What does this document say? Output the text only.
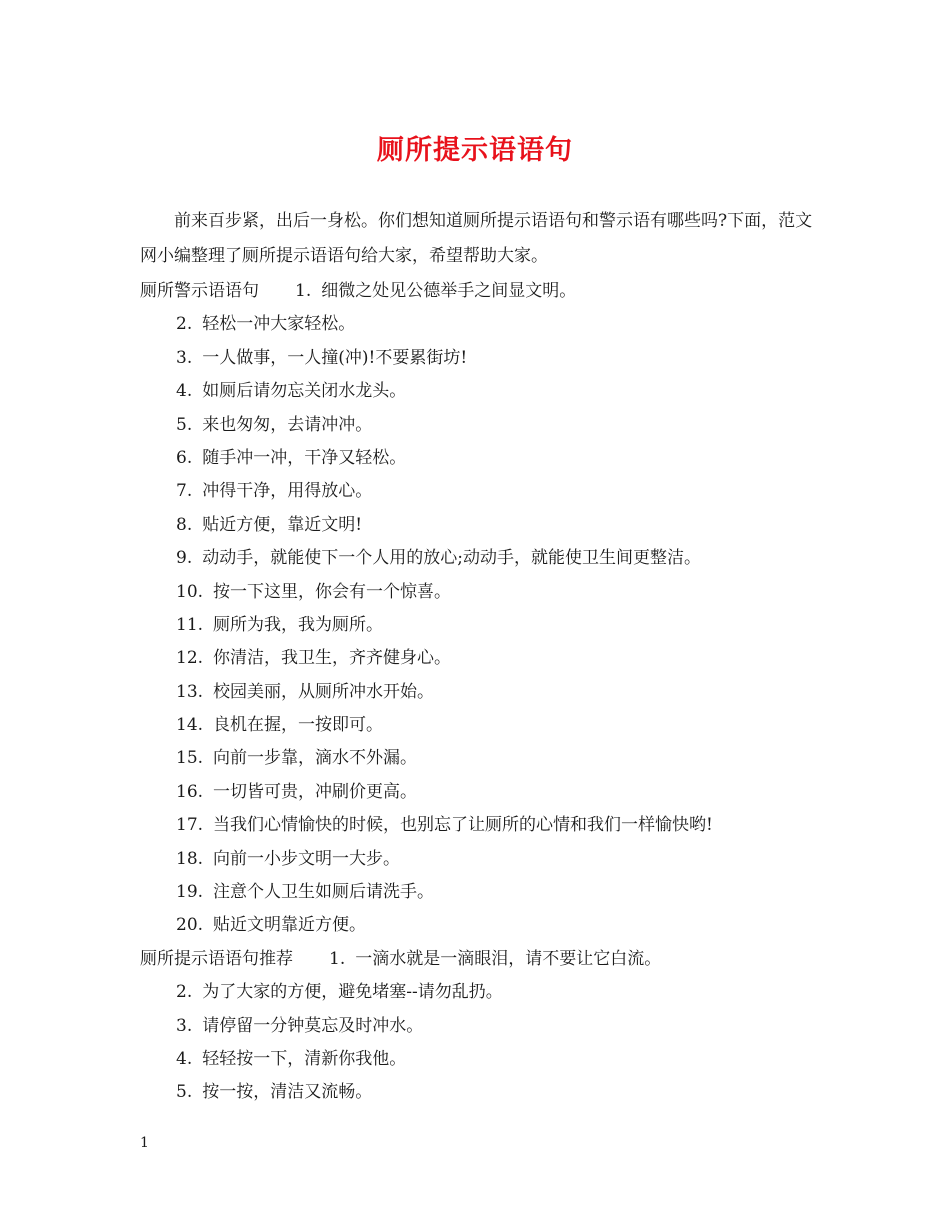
厕所提示语语句

前来百步紧，出后一身松。你们想知道厕所提示语语句和警示语有哪些吗?下面，范文网小编整理了厕所提示语语句给大家，希望帮助大家。

厕所警示语语句 1. 细微之处见公德举手之间显文明。
2. 轻松一冲大家轻松。
3. 一人做事，一人撞(冲)!不要累街坊!
4. 如厕后请勿忘关闭水龙头。
5. 来也匆匆，去请冲冲。
6. 随手冲一冲，干净又轻松。
7. 冲得干净，用得放心。
8. 贴近方便，靠近文明!
9. 动动手，就能使下一个人用的放心;动动手，就能使卫生间更整洁。
10. 按一下这里，你会有一个惊喜。
11. 厕所为我，我为厕所。
12. 你清洁，我卫生，齐齐健身心。
13. 校园美丽，从厕所冲水开始。
14. 良机在握，一按即可。
15. 向前一步靠，滴水不外漏。
16. 一切皆可贵，冲刷价更高。
17. 当我们心情愉快的时候，也别忘了让厕所的心情和我们一样愉快哟!
18. 向前一小步文明一大步。
19. 注意个人卫生如厕后请洗手。
20. 贴近文明靠近方便。
厕所提示语语句推荐 1. 一滴水就是一滴眼泪，请不要让它白流。
2. 为了大家的方便，避免堵塞--请勿乱扔。
3. 请停留一分钟莫忘及时冲水。
4. 轻轻按一下，清新你我他。
5. 按一按，清洁又流畅。
1
